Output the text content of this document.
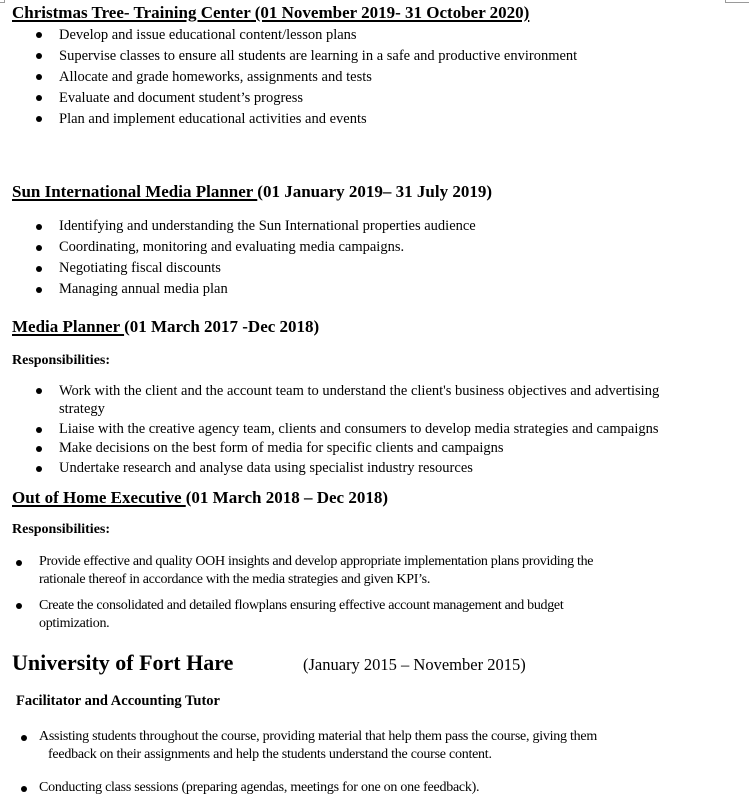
Christmas Tree- Training Center (01 November 2019- 31 October 2020)
Develop and issue educational content/lesson plans
Supervise classes to ensure all students are learning in a safe and productive environment
Allocate and grade homeworks, assignments and tests
Evaluate and document student’s progress
Plan and implement educational activities and events
Sun International Media Planner (01 January 2019– 31 July 2019)
Identifying and understanding the Sun International properties audience
Coordinating, monitoring and evaluating media campaigns.
Negotiating fiscal discounts
Managing annual media plan
Media Planner (01 March 2017 -Dec 2018)
Responsibilities:
Work with the client and the account team to understand the client's business objectives and advertising
strategy
Liaise with the creative agency team, clients and consumers to develop media strategies and campaigns
Make decisions on the best form of media for specific clients and campaigns
Undertake research and analyse data using specialist industry resources
Out of Home Executive (01 March 2018 – Dec 2018)
Responsibilities:
Provide effective and quality OOH insights and develop appropriate implementation plans providing the
rationale thereof in accordance with the media strategies and given KPI’s.
Create the consolidated and detailed flowplans ensuring effective account management and budget
optimization.
University of Fort Hare	(January 2015 – November 2015)
Facilitator and Accounting Tutor
Assisting students throughout the course, providing material that help them pass the course, giving them
feedback on their assignments and help the students understand the course content.
Conducting class sessions (preparing agendas, meetings for one on one feedback).
